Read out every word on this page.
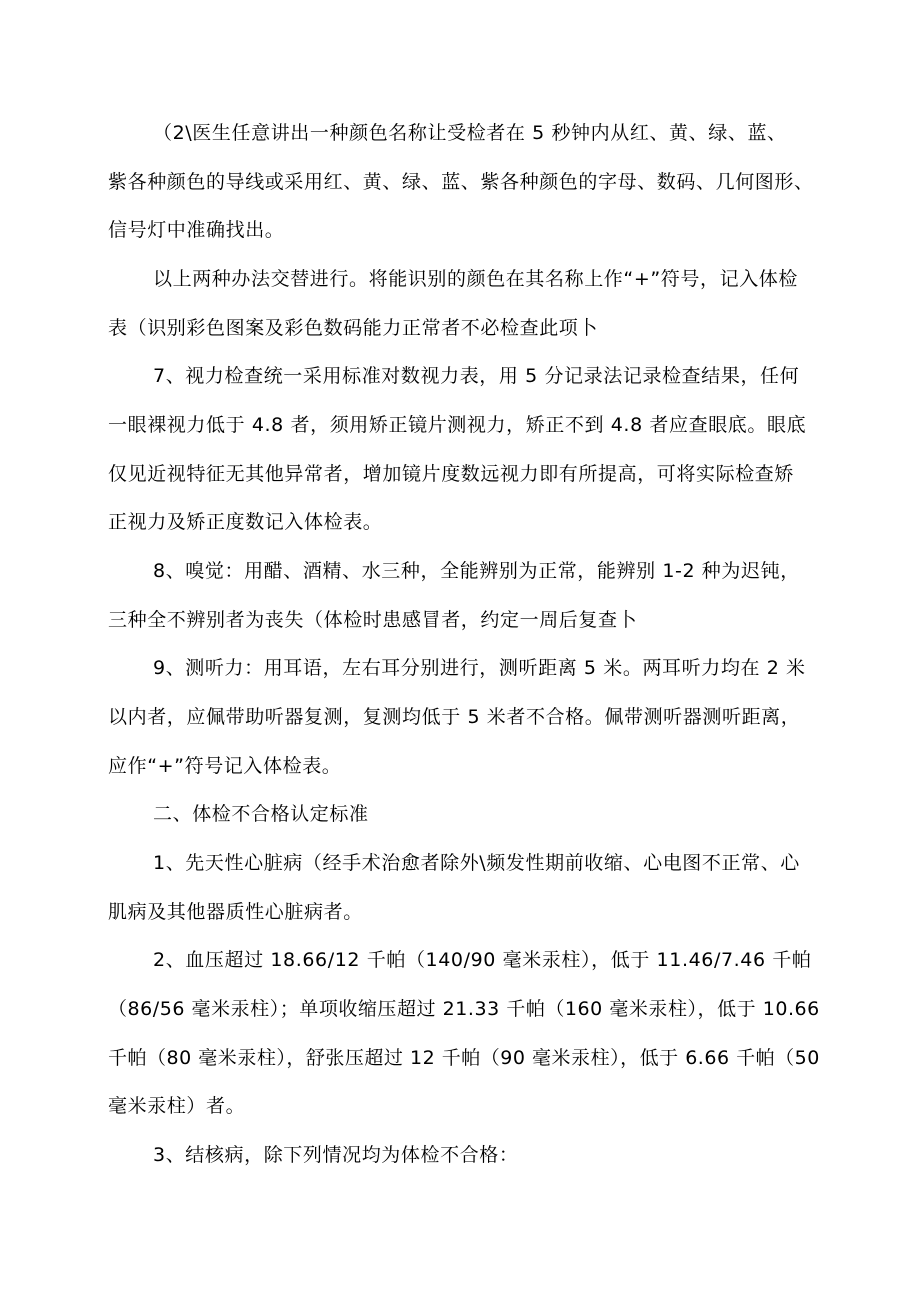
（2\医生任意讲出一种颜色名称让受检者在 5 秒钟内从红、黄、绿、蓝、

紫各种颜色的导线或采用红、黄、绿、蓝、紫各种颜色的字母、数码、几何图形、

信号灯中准确找出。

以上两种办法交替进行。将能识别的颜色在其名称上作“+”符号，记入体检

表（识别彩色图案及彩色数码能力正常者不必检查此项卜

7、视力检查统一采用标准对数视力表，用 5 分记录法记录检查结果，任何

一眼裸视力低于 4.8 者，须用矫正镜片测视力，矫正不到 4.8 者应查眼底。眼底

仅见近视特征无其他异常者，增加镜片度数远视力即有所提高，可将实际检查矫

正视力及矫正度数记入体检表。

8、嗅觉：用醋、酒精、水三种，全能辨别为正常，能辨别 1-2 种为迟钝，

三种全不辨别者为丧失（体检时患感冒者，约定一周后复查卜

9、测听力：用耳语，左右耳分别进行，测听距离 5 米。两耳听力均在 2 米

以内者，应佩带助听器复测，复测均低于 5 米者不合格。佩带测听器测听距离，

应作“+”符号记入体检表。

二、体检不合格认定标准

1、先天性心脏病（经手术治愈者除外\频发性期前收缩、心电图不正常、心

肌病及其他器质性心脏病者。

2、血压超过 18.66/12 千帕（140/90 毫米汞柱），低于 11.46/7.46 千帕

（86/56 毫米汞柱）；单项收缩压超过 21.33 千帕（160 毫米汞柱），低于 10.66

千帕（80 毫米汞柱），舒张压超过 12 千帕（90 毫米汞柱），低于 6.66 千帕（50

毫米汞柱）者。

3、结核病，除下列情况均为体检不合格：
